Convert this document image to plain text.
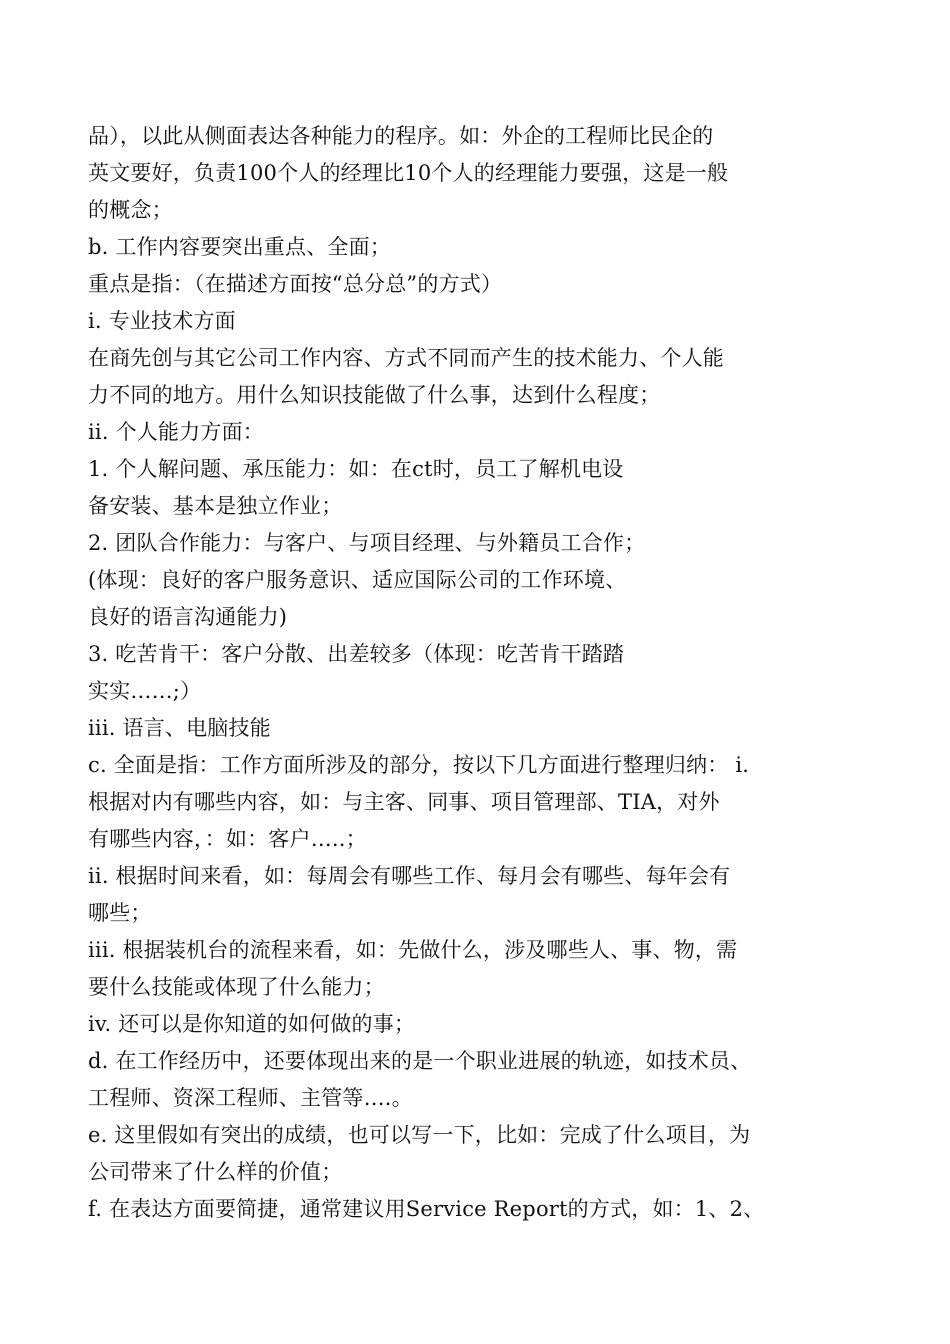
品），以此从侧面表达各种能力的程序。如：外企的工程师比民企的
英文要好，负责100个人的经理比10个人的经理能力要强，这是一般
的概念；
b. 工作内容要突出重点、全面；
重点是指：（在描述方面按“总分总”的方式）
i. 专业技术方面
在商先创与其它公司工作内容、方式不同而产生的技术能力、个人能
力不同的地方。用什么知识技能做了什么事，达到什么程度；
ii. 个人能力方面：
1. 个人解问题、承压能力：如：在ct时，员工了解机电设
备安装、基本是独立作业；
2. 团队合作能力：与客户、与项目经理、与外籍员工合作；
(体现：良好的客户服务意识、适应国际公司的工作环境、
良好的语言沟通能力)
3. 吃苦肯干：客户分散、出差较多（体现：吃苦肯干踏踏
实实……;）
iii. 语言、电脑技能
c. 全面是指：工作方面所涉及的部分，按以下几方面进行整理归纳： i.
根据对内有哪些内容，如：与主客、同事、项目管理部、TIA，对外
有哪些内容，：如：客户…..；
ii. 根据时间来看，如：每周会有哪些工作、每月会有哪些、每年会有
哪些；
iii. 根据装机台的流程来看，如：先做什么，涉及哪些人、事、物，需
要什么技能或体现了什么能力；
iv. 还可以是你知道的如何做的事；
d. 在工作经历中，还要体现出来的是一个职业进展的轨迹，如技术员、
工程师、资深工程师、主管等….。
e. 这里假如有突出的成绩，也可以写一下，比如：完成了什么项目，为
公司带来了什么样的价值；
f. 在表达方面要简捷，通常建议用Service Report的方式，如：1、2、
